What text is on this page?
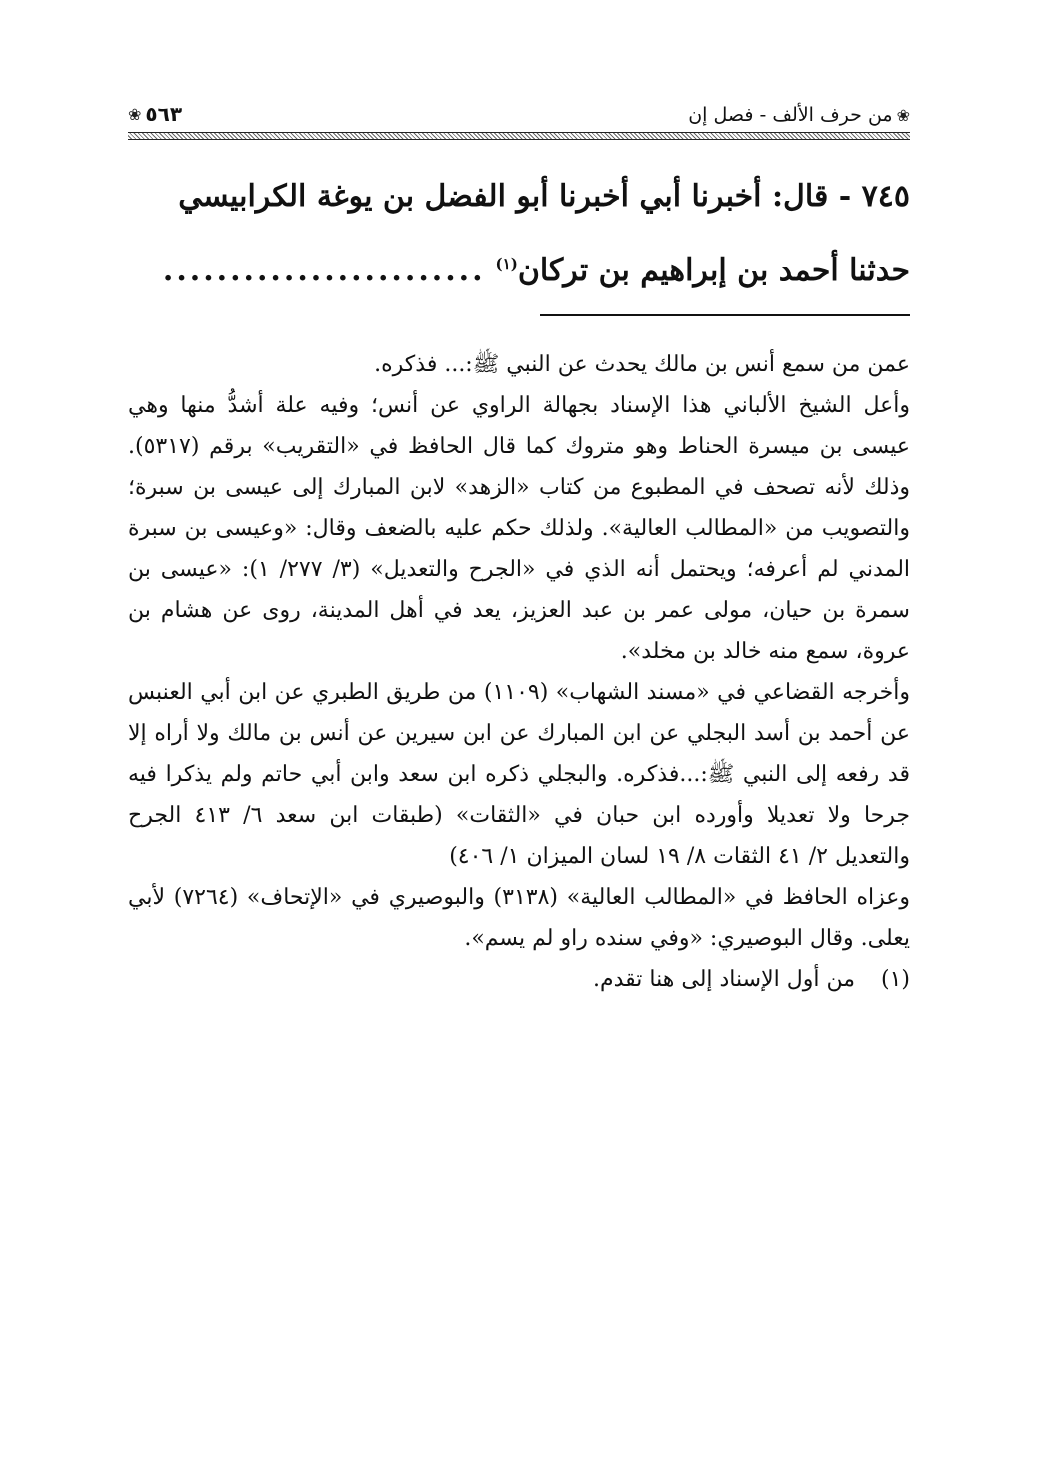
❀
من حرف الألف - فصل إن
❀ ٥٦٣

٧٤٥ - قال: أخبرنا أبي أخبرنا أبو الفضل بن يوغة الكرابيسي

حدثنا أحمد بن إبراهيم بن تركان$^{(١)}$
........................

عمن من سمع أنس بن مالك يحدث عن النبي ﷺ:... فذكره.

وأعل الشيخ الألباني هذا الإسناد بجهالة الراوي عن أنس؛ وفيه علة أشدُّ منها وهي عيسى بن ميسرة الحناط وهو متروك كما قال الحافظ في «التقريب» برقم (٥٣١٧). وذلك لأنه تصحف في المطبوع من كتاب «الزهد» لابن المبارك إلى عيسى بن سبرة؛ والتصويب من «المطالب العالية». ولذلك حكم عليه بالضعف وقال: «وعيسى بن سبرة المدني لم أعرفه؛ ويحتمل أنه الذي في «الجرح والتعديل» (٣/ ٢٧٧/ ١): «عيسى بن سمرة بن حيان، مولى عمر بن عبد العزيز، يعد في أهل المدينة، روى عن هشام بن عروة، سمع منه خالد بن مخلد».

وأخرجه القضاعي في «مسند الشهاب» (١١٠٩) من طريق الطبري عن ابن أبي العنبس عن أحمد بن أسد البجلي عن ابن المبارك عن ابن سيرين عن أنس بن مالك ولا أراه إلا قد رفعه إلى النبي ﷺ:...فذكره. والبجلي ذكره ابن سعد وابن أبي حاتم ولم يذكرا فيه جرحا ولا تعديلا وأورده ابن حبان في «الثقات» (طبقات ابن سعد ٦/ ٤١٣ الجرح والتعديل ٢/ ٤١ الثقات ٨/ ١٩ لسان الميزان ١/ ٤٠٦)

وعزاه الحافظ في «المطالب العالية» (٣١٣٨) والبوصيري في «الإتحاف» (٧٢٦٤) لأبي يعلى. وقال البوصيري: «وفي سنده راو لم يسم».

(١)
من أول الإسناد إلى هنا تقدم.
